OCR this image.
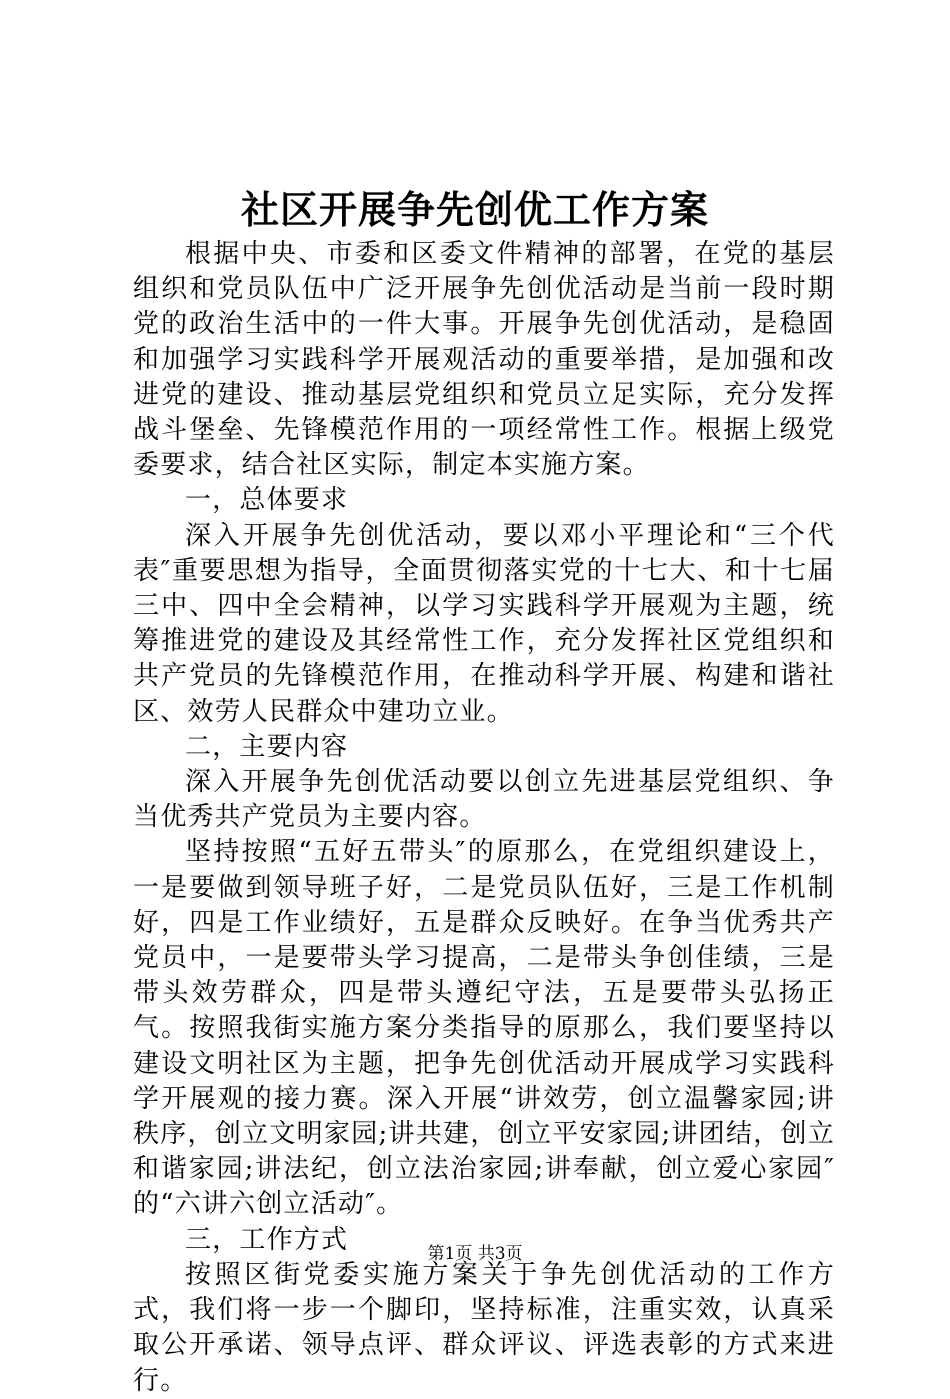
社区开展争先创优工作方案

根据中央、市委和区委文件精神的部署，在党的基层组织和党员队伍中广泛开展争先创优活动是当前一段时期党的政治生活中的一件大事。开展争先创优活动，是稳固和加强学习实践科学开展观活动的重要举措，是加强和改进党的建设、推动基层党组织和党员立足实际，充分发挥战斗堡垒、先锋模范作用的一项经常性工作。根据上级党委要求，结合社区实际，制定本实施方案。

一，总体要求

深入开展争先创优活动，要以邓小平理论和“三个代表″重要思想为指导，全面贯彻落实党的十七大、和十七届三中、四中全会精神，以学习实践科学开展观为主题，统筹推进党的建设及其经常性工作，充分发挥社区党组织和共产党员的先锋模范作用，在推动科学开展、构建和谐社区、效劳人民群众中建功立业。

二，主要内容

深入开展争先创优活动要以创立先进基层党组织、争当优秀共产党员为主要内容。

坚持按照“五好五带头″的原那么，在党组织建设上，一是要做到领导班子好，二是党员队伍好，三是工作机制好，四是工作业绩好，五是群众反映好。在争当优秀共产党员中，一是要带头学习提高，二是带头争创佳绩，三是带头效劳群众，四是带头遵纪守法，五是要带头弘扬正气。按照我街实施方案分类指导的原那么，我们要坚持以建设文明社区为主题，把争先创优活动开展成学习实践科学开展观的接力赛。深入开展“讲效劳，创立温馨家园;讲秩序，创立文明家园;讲共建，创立平安家园;讲团结，创立和谐家园;讲法纪，创立法治家园;讲奉献，创立爱心家园″的“六讲六创立活动″。

三，工作方式

按照区街党委实施方案关于争先创优活动的工作方式，我们将一步一个脚印，坚持标准，注重实效，认真采取公开承诺、领导点评、群众评议、评选表彰的方式来进行。

第1页 共3页
